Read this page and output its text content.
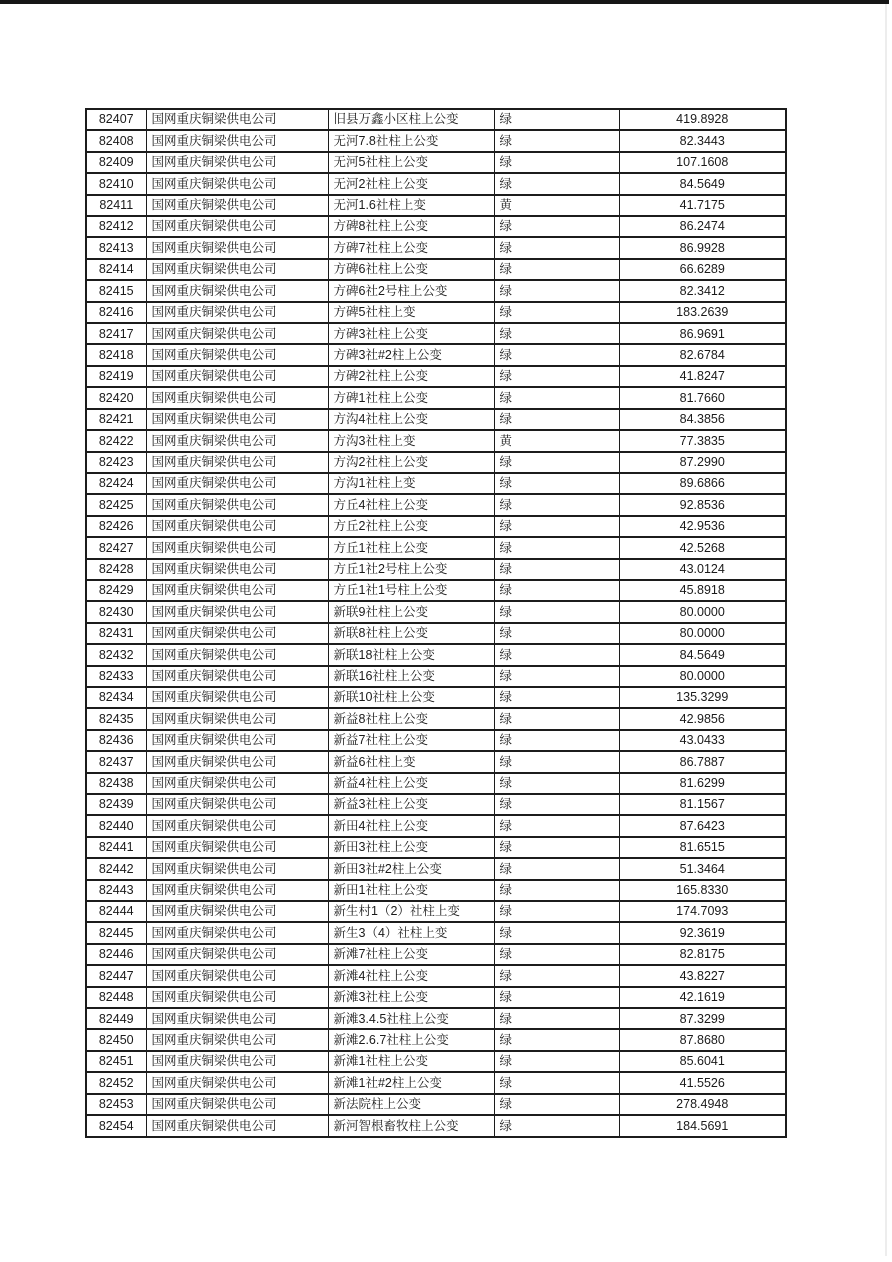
82407	国网重庆铜梁供电公司	旧县万鑫小区柱上公变	绿	419.8928
82408	国网重庆铜梁供电公司	无河7.8社柱上公变	绿	82.3443
82409	国网重庆铜梁供电公司	无河5社柱上公变	绿	107.1608
82410	国网重庆铜梁供电公司	无河2社柱上公变	绿	84.5649
82411	国网重庆铜梁供电公司	无河1.6社柱上变	黄	41.7175
82412	国网重庆铜梁供电公司	方碑8社柱上公变	绿	86.2474
82413	国网重庆铜梁供电公司	方碑7社柱上公变	绿	86.9928
82414	国网重庆铜梁供电公司	方碑6社柱上公变	绿	66.6289
82415	国网重庆铜梁供电公司	方碑6社2号柱上公变	绿	82.3412
82416	国网重庆铜梁供电公司	方碑5社柱上变	绿	183.2639
82417	国网重庆铜梁供电公司	方碑3社柱上公变	绿	86.9691
82418	国网重庆铜梁供电公司	方碑3社#2柱上公变	绿	82.6784
82419	国网重庆铜梁供电公司	方碑2社柱上公变	绿	41.8247
82420	国网重庆铜梁供电公司	方碑1社柱上公变	绿	81.7660
82421	国网重庆铜梁供电公司	方沟4社柱上公变	绿	84.3856
82422	国网重庆铜梁供电公司	方沟3社柱上变	黄	77.3835
82423	国网重庆铜梁供电公司	方沟2社柱上公变	绿	87.2990
82424	国网重庆铜梁供电公司	方沟1社柱上变	绿	89.6866
82425	国网重庆铜梁供电公司	方丘4社柱上公变	绿	92.8536
82426	国网重庆铜梁供电公司	方丘2社柱上公变	绿	42.9536
82427	国网重庆铜梁供电公司	方丘1社柱上公变	绿	42.5268
82428	国网重庆铜梁供电公司	方丘1社2号柱上公变	绿	43.0124
82429	国网重庆铜梁供电公司	方丘1社1号柱上公变	绿	45.8918
82430	国网重庆铜梁供电公司	新联9社柱上公变	绿	80.0000
82431	国网重庆铜梁供电公司	新联8社柱上公变	绿	80.0000
82432	国网重庆铜梁供电公司	新联18社柱上公变	绿	84.5649
82433	国网重庆铜梁供电公司	新联16社柱上公变	绿	80.0000
82434	国网重庆铜梁供电公司	新联10社柱上公变	绿	135.3299
82435	国网重庆铜梁供电公司	新益8社柱上公变	绿	42.9856
82436	国网重庆铜梁供电公司	新益7社柱上公变	绿	43.0433
82437	国网重庆铜梁供电公司	新益6社柱上变	绿	86.7887
82438	国网重庆铜梁供电公司	新益4社柱上公变	绿	81.6299
82439	国网重庆铜梁供电公司	新益3社柱上公变	绿	81.1567
82440	国网重庆铜梁供电公司	新田4社柱上公变	绿	87.6423
82441	国网重庆铜梁供电公司	新田3社柱上公变	绿	81.6515
82442	国网重庆铜梁供电公司	新田3社#2柱上公变	绿	51.3464
82443	国网重庆铜梁供电公司	新田1社柱上公变	绿	165.8330
82444	国网重庆铜梁供电公司	新生村1（2）社柱上变	绿	174.7093
82445	国网重庆铜梁供电公司	新生3（4）社柱上变	绿	92.3619
82446	国网重庆铜梁供电公司	新滩7社柱上公变	绿	82.8175
82447	国网重庆铜梁供电公司	新滩4社柱上公变	绿	43.8227
82448	国网重庆铜梁供电公司	新滩3社柱上公变	绿	42.1619
82449	国网重庆铜梁供电公司	新滩3.4.5社柱上公变	绿	87.3299
82450	国网重庆铜梁供电公司	新滩2.6.7社柱上公变	绿	87.8680
82451	国网重庆铜梁供电公司	新滩1社柱上公变	绿	85.6041
82452	国网重庆铜梁供电公司	新滩1社#2柱上公变	绿	41.5526
82453	国网重庆铜梁供电公司	新法院柱上公变	绿	278.4948
82454	国网重庆铜梁供电公司	新河智根畜牧柱上公变	绿	184.5691
